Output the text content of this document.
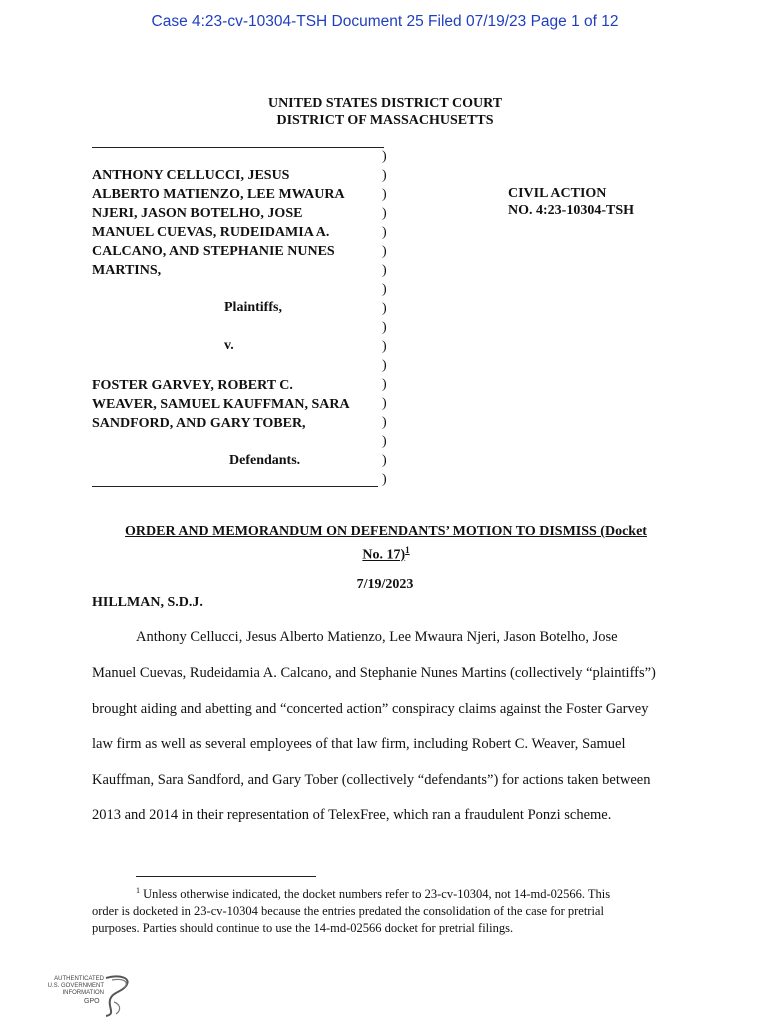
Case 4:23-cv-10304-TSH Document 25 Filed 07/19/23 Page 1 of 12
UNITED STATES DISTRICT COURT
DISTRICT OF MASSACHUSETTS
ANTHONY CELLUCCI, JESUS
ALBERTO MATIENZO, LEE MWAURA
NJERI, JASON BOTELHO, JOSE
MANUEL CUEVAS, RUDEIDAMIA A.
CALCANO, AND STEPHANIE NUNES
MARTINS,
Plaintiffs,
v.
FOSTER GARVEY, ROBERT C.
WEAVER, SAMUEL KAUFFMAN, SARA
SANDFORD, AND GARY TOBER,
Defendants.
)
)
)
)
)
)
)
)
)
)
)
)
)
)
)
)
)
)
CIVIL ACTION
NO. 4:23-10304-TSH
ORDER AND MEMORANDUM ON DEFENDANTS’ MOTION TO DISMISS (Docket
No. 17)$^1$
7/19/2023
HILLMAN, S.D.J.
Anthony Cellucci, Jesus Alberto Matienzo, Lee Mwaura Njeri, Jason Botelho, Jose
Manuel Cuevas, Rudeidamia A. Calcano, and Stephanie Nunes Martins (collectively “plaintiffs”)
brought aiding and abetting and “concerted action” conspiracy claims against the Foster Garvey
law firm as well as several employees of that law firm, including Robert C. Weaver, Samuel
Kauffman, Sara Sandford, and Gary Tober (collectively “defendants”) for actions taken between
2013 and 2014 in their representation of TelexFree, which ran a fraudulent Ponzi scheme.
$^1$ Unless otherwise indicated, the docket numbers refer to 23-cv-10304, not 14-md-02566. This
order is docketed in 23-cv-10304 because the entries predated the consolidation of the case for pretrial
purposes. Parties should continue to use the 14-md-02566 docket for pretrial filings.
AUTHENTICATED
U.S. GOVERNMENT
INFORMATION
GPO
